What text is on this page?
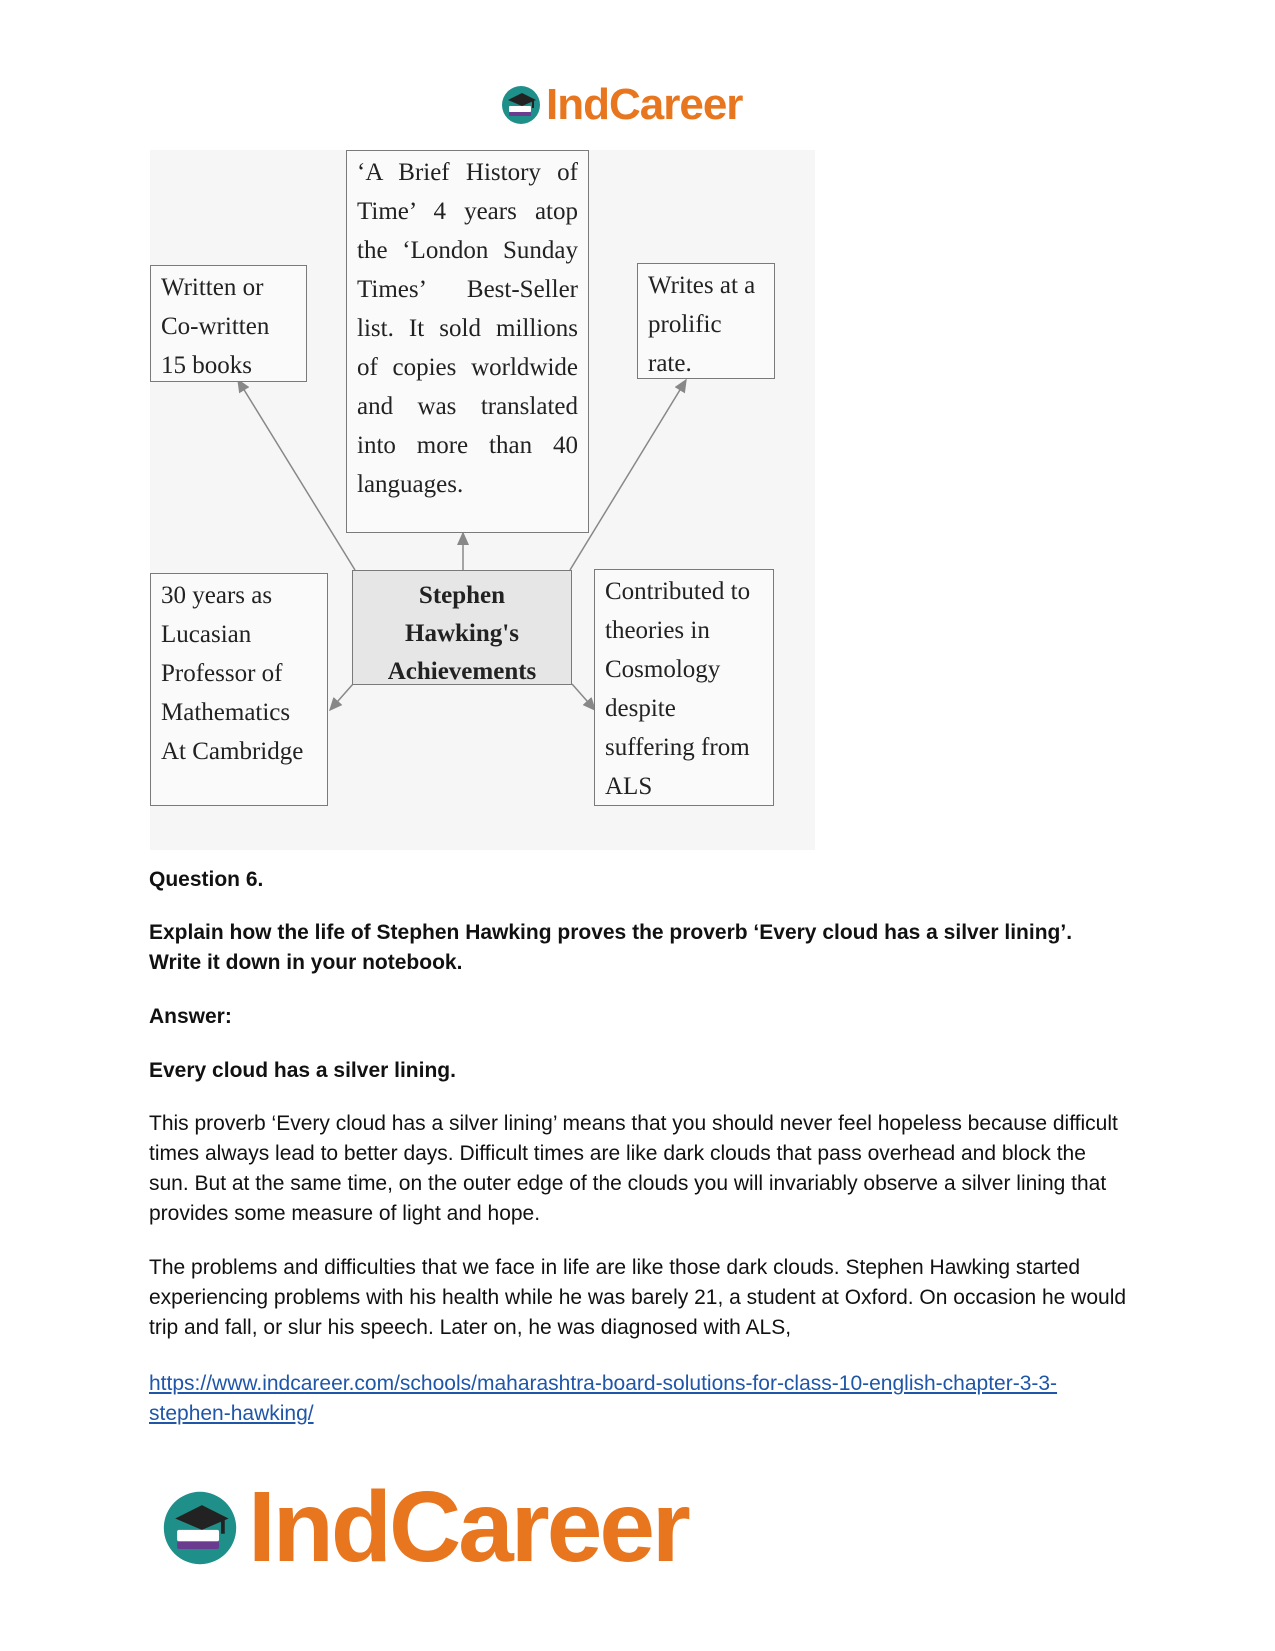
IndCareer
‘A Brief History of Time’ 4 years atop the ‘London Sunday Times’ Best-Seller list. It sold millions of copies worldwide and was translated into more than 40 languages.
Written or Co-written 15 books
Writes at a prolific rate.
Stephen Hawking's Achievements
30 years as Lucasian Professor of Mathematics At Cambridge
Contributed to theories in Cosmology despite suffering from ALS
Question 6.
Explain how the life of Stephen Hawking proves the proverb ‘Every cloud has a silver lining’. Write it down in your notebook.
Answer:
Every cloud has a silver lining.
This proverb ‘Every cloud has a silver lining’ means that you should never feel hopeless because difficult times always lead to better days. Difficult times are like dark clouds that pass overhead and block the sun. But at the same time, on the outer edge of the clouds you will invariably observe a silver lining that provides some measure of light and hope.
The problems and difficulties that we face in life are like those dark clouds. Stephen Hawking started experiencing problems with his health while he was barely 21, a student at Oxford. On occasion he would trip and fall, or slur his speech. Later on, he was diagnosed with ALS,
https://www.indcareer.com/schools/maharashtra-board-solutions-for-class-10-english-chapter-3-3-stephen-hawking/
IndCareer
